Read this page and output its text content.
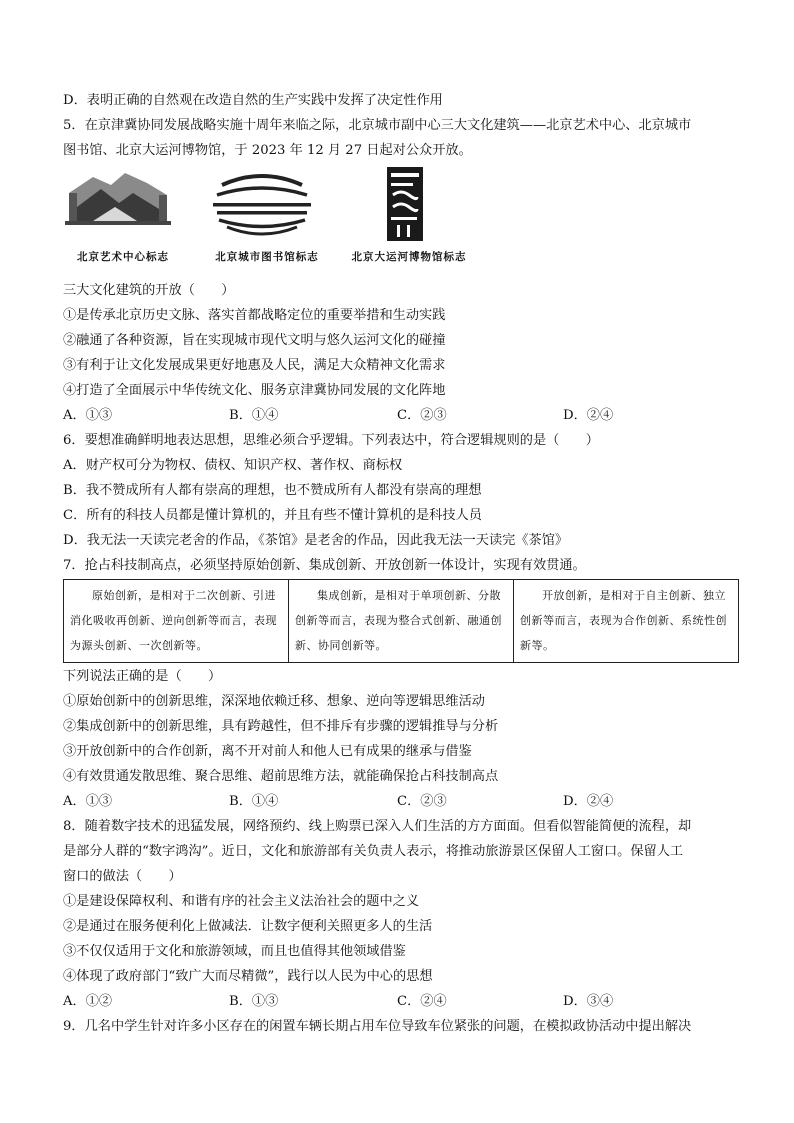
D．表明正确的自然观在改造自然的生产实践中发挥了决定性作用
5．在京津冀协同发展战略实施十周年来临之际，北京城市副中心三大文化建筑——北京艺术中心、北京城市
图书馆、北京大运河博物馆，于 2023 年 12 月 27 日起对公众开放。
北京艺术中心标志	北京城市图书馆标志	北京大运河博物馆标志
三大文化建筑的开放（　　）
①是传承北京历史文脉、落实首都战略定位的重要举措和生动实践
②融通了各种资源，旨在实现城市现代文明与悠久运河文化的碰撞
③有利于让文化发展成果更好地惠及人民，满足大众精神文化需求
④打造了全面展示中华传统文化、服务京津冀协同发展的文化阵地
A．①③	B．①④	C．②③	D．②④
6．要想准确鲜明地表达思想，思维必须合乎逻辑。下列表达中，符合逻辑规则的是（　　）
A．财产权可分为物权、债权、知识产权、著作权、商标权
B．我不赞成所有人都有崇高的理想，也不赞成所有人都没有崇高的理想
C．所有的科技人员都是懂计算机的，并且有些不懂计算机的是科技人员
D．我无法一天读完老舍的作品，《茶馆》是老舍的作品，因此我无法一天读完《茶馆》
7．抢占科技制高点，必须坚持原始创新、集成创新、开放创新一体设计，实现有效贯通。
原始创新，是相对于二次创新、引进消化吸收再创新、逆向创新等而言，表现为源头创新、一次创新等。	集成创新，是相对于单项创新、分散创新等而言，表现为整合式创新、融通创新、协同创新等。	开放创新，是相对于自主创新、独立创新等而言，表现为合作创新、系统性创新等。
下列说法正确的是（　　）
①原始创新中的创新思维，深深地依赖迁移、想象、逆向等逻辑思维活动
②集成创新中的创新思维，具有跨越性，但不排斥有步骤的逻辑推导与分析
③开放创新中的合作创新，离不开对前人和他人已有成果的继承与借鉴
④有效贯通发散思维、聚合思维、超前思维方法，就能确保抢占科技制高点
A．①③	B．①④	C．②③	D．②④
8．随着数字技术的迅猛发展，网络预约、线上购票已深入人们生活的方方面面。但看似智能简便的流程，却
是部分人群的“数字鸿沟”。近日，文化和旅游部有关负责人表示，将推动旅游景区保留人工窗口。保留人工
窗口的做法（　　）
①是建设保障权利、和谐有序的社会主义法治社会的题中之义
②是通过在服务便利化上做减法．让数字便利关照更多人的生活
③不仅仅适用于文化和旅游领域，而且也值得其他领域借鉴
④体现了政府部门“致广大而尽精微”，践行以人民为中心的思想
A．①②	B．①③	C．②④	D．③④
9．几名中学生针对许多小区存在的闲置车辆长期占用车位导致车位紧张的问题，在模拟政协活动中提出解决
